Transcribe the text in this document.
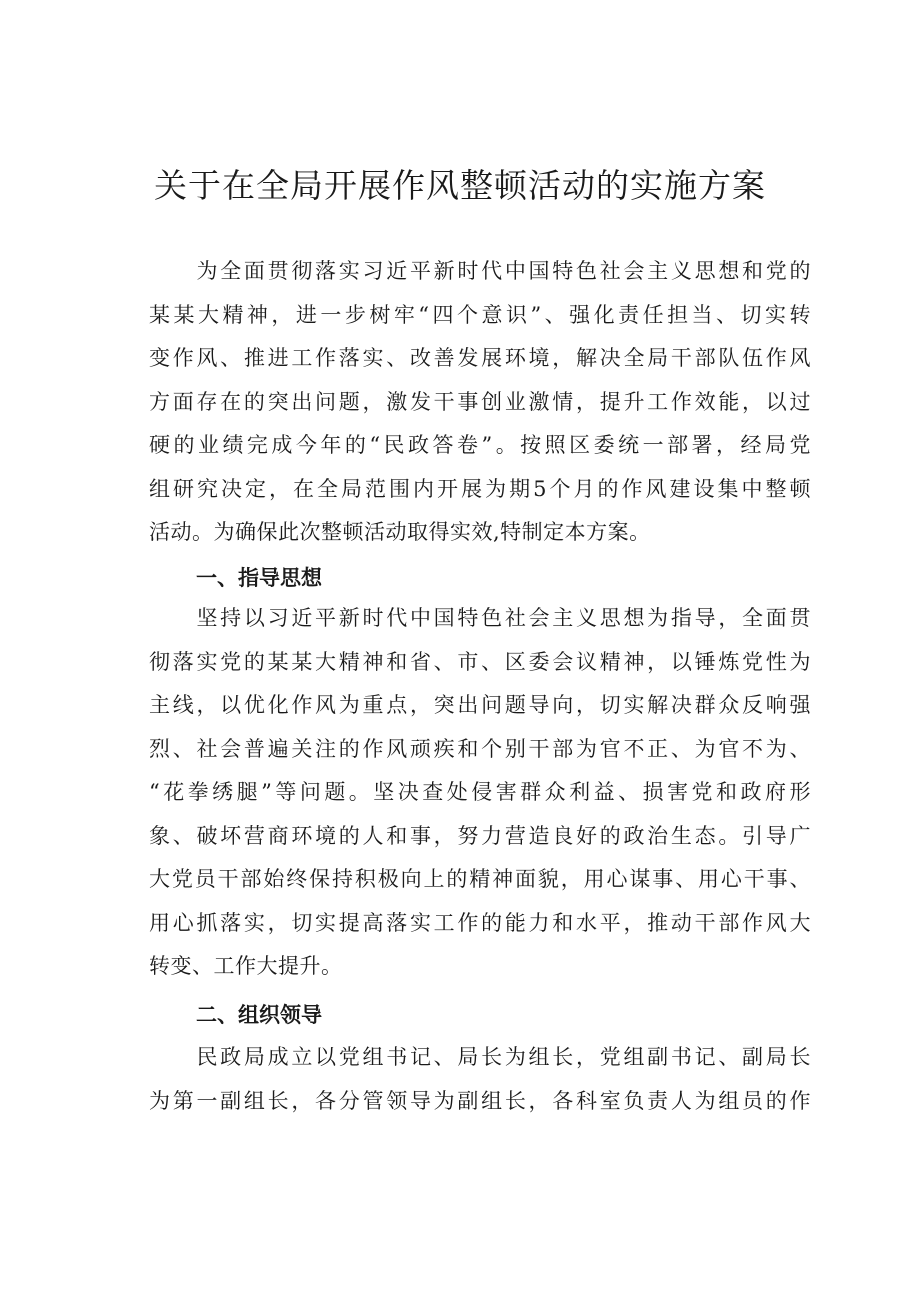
关于在全局开展作风整顿活动的实施方案
　　为全面贯彻落实习近平新时代中国特色社会主义思想和党的
某某大精神，进一步树牢“四个意识”、强化责任担当、切实转
变作风、推进工作落实、改善发展环境，解决全局干部队伍作风
方面存在的突出问题，激发干事创业激情，提升工作效能，以过
硬的业绩完成今年的“民政答卷”。按照区委统一部署，经局党
组研究决定，在全局范围内开展为期5个月的作风建设集中整顿
活动。为确保此次整顿活动取得实效,特制定本方案。
一、指导思想
　　坚持以习近平新时代中国特色社会主义思想为指导，全面贯
彻落实党的某某大精神和省、市、区委会议精神，以锤炼党性为
主线，以优化作风为重点，突出问题导向，切实解决群众反响强
烈、社会普遍关注的作风顽疾和个别干部为官不正、为官不为、
“花拳绣腿”等问题。坚决查处侵害群众利益、损害党和政府形
象、破坏营商环境的人和事，努力营造良好的政治生态。引导广
大党员干部始终保持积极向上的精神面貌，用心谋事、用心干事、
用心抓落实，切实提高落实工作的能力和水平，推动干部作风大
转变、工作大提升。
二、组织领导
　　民政局成立以党组书记、局长为组长，党组副书记、副局长
为第一副组长，各分管领导为副组长，各科室负责人为组员的作
